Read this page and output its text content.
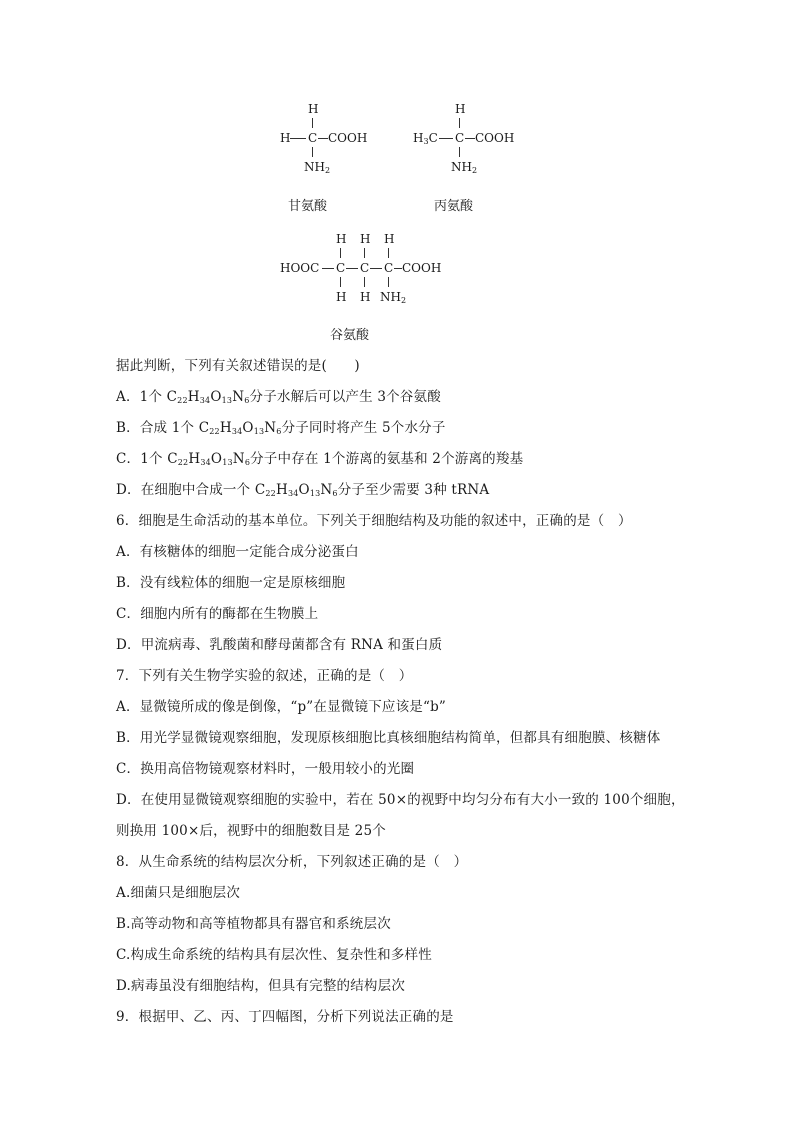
H
H C COOH
$NH_2$
甘氨酸
H
$H_3C$ C COOH
$NH_2$
丙氨酸
H H H
HOOC C C C COOH
H H $NH_2$
谷氨酸
据此判断，下列有关叙述错误的是(　　)
A．1个 $C_{22}H_{34}O_{13}N_6$分子水解后可以产生 3个谷氨酸
B．合成 1个 $C_{22}H_{34}O_{13}N_6$分子同时将产生 5个水分子
C．1个 $C_{22}H_{34}O_{13}N_6$分子中存在 1个游离的氨基和 2个游离的羧基
D．在细胞中合成一个 $C_{22}H_{34}O_{13}N_6$分子至少需要 3种 tRNA
6．细胞是生命活动的基本单位。下列关于细胞结构及功能的叙述中，正确的是（　）
A．有核糖体的细胞一定能合成分泌蛋白
B．没有线粒体的细胞一定是原核细胞
C．细胞内所有的酶都在生物膜上
D．甲流病毒、乳酸菌和酵母菌都含有 RNA 和蛋白质
7．下列有关生物学实验的叙述，正确的是（　）
A．显微镜所成的像是倒像，“p”在显微镜下应该是“b”
B．用光学显微镜观察细胞，发现原核细胞比真核细胞结构简单，但都具有细胞膜、核糖体
C．换用高倍物镜观察材料时，一般用较小的光圈
D．在使用显微镜观察细胞的实验中，若在 50×的视野中均匀分布有大小一致的 100个细胞，
则换用 100×后，视野中的细胞数目是 25个
8．从生命系统的结构层次分析，下列叙述正确的是（　）
A.细菌只是细胞层次
B.高等动物和高等植物都具有器官和系统层次
C.构成生命系统的结构具有层次性、复杂性和多样性
D.病毒虽没有细胞结构，但具有完整的结构层次
9．根据甲、乙、丙、丁四幅图，分析下列说法正确的是
